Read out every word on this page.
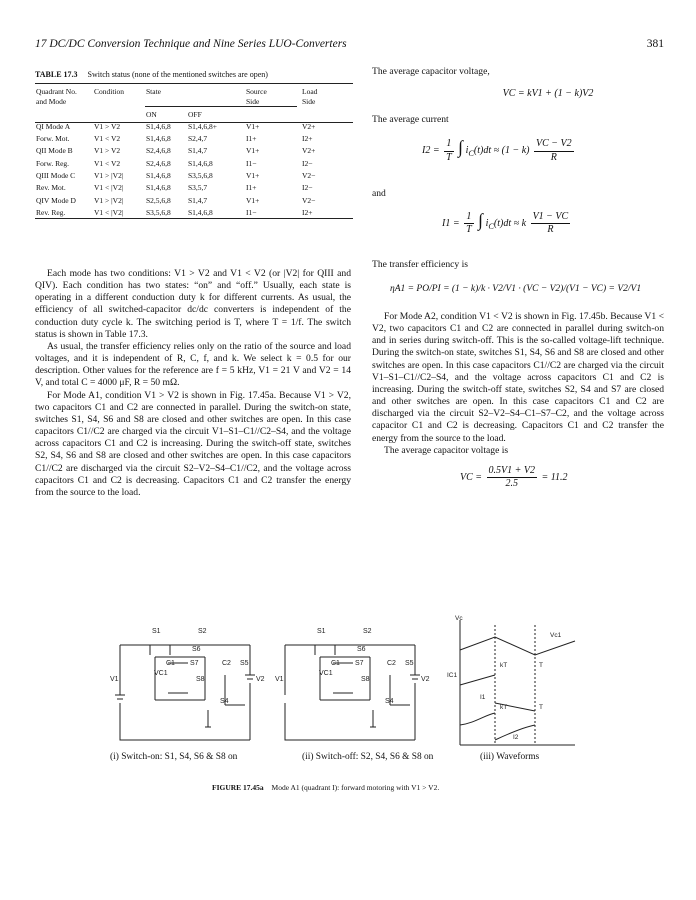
17 DC/DC Conversion Technique and Nine Series LUO-Converters	381
TABLE 17.3 Switch status (none of the mentioned switches are open)
Quadrant No.
and Mode	Condition	State		Source
Side	Load
Side
		ON	OFF		
QI Mode A	V1 > V2	S1,4,6,8	S1,4,6,8+	V1+	V2+
Forw. Mot.	V1 < V2	S1,4,6,8	S2,4,7	I1+	I2+
QII Mode B	V1 > V2	S2,4,6,8	S1,4,7	V1+	V2+
Forw. Reg.	V1 < V2	S2,4,6,8	S1,4,6,8	I1−	I2−
QIII Mode C	V1 > |V2|	S1,4,6,8	S3,5,6,8	V1+	V2−
Rev. Mot.	V1 < |V2|	S1,4,6,8	S3,5,7	I1+	I2−
QIV Mode D	V1 > |V2|	S2,5,6,8	S1,4,7	V1+	V2−
Rev. Reg.	V1 < |V2|	S3,5,6,8	S1,4,6,8	I1−	I2+

Each mode has two conditions: V1 > V2 and V1 < V2 (or |V2| for QIII and QIV). Each condition has two states: “on” and “off.” Usually, each state is operating in a different conduction duty k for different currents. As usual, the efficiency of all switched-capacitor dc/dc converters is independent of the conduction duty cycle k. The switching period is T, where T = 1/f. The switch status is shown in Table 17.3.

As usual, the transfer efficiency relies only on the ratio of the source and load voltages, and it is independent of R, C, f, and k. We select k = 0.5 for our description. Other values for the reference are f = 5 kHz, V1 = 21 V and V2 = 14 V, and total C = 4000 μF, R = 50 mΩ.

For Mode A1, condition V1 > V2 is shown in Fig. 17.45a. Because V1 > V2, two capacitors C1 and C2 are connected in parallel. During the switch-on state, switches S1, S4, S6 and S8 are closed and other switches are open. In this case capacitors C1//C2 are charged via the circuit V1–S1–C1//C2–S4, and the voltage across capacitors C1 and C2 is increasing. During the switch-off state, switches S2, S4, S6 and S8 are closed and other switches are open. In this case capacitors C1//C2 are discharged via the circuit S2–V2–S4–C1//C2, and the voltage across capacitors C1 and C2 is decreasing. Capacitors C1 and C2 transfer the energy from the source to the load.

The average capacitor voltage,

VC = kV1 + (1 − k)V2

The average current

$I2 = \frac{1}{T}$ ∫ $i_C(t)dt \approx (1 - k) \frac{VC - V2}{R}$

and

$I1 = \frac{1}{T}$ ∫ $i_C(t)dt \approx k \frac{V1 - VC}{R}$

The transfer efficiency is

ηA1 = PO/PI = (1 − k)/k · V2/V1 · (VC − V2)/(V1 − VC) = V2/V1

For Mode A2, condition V1 < V2 is shown in Fig. 17.45b. Because V1 < V2, two capacitors C1 and C2 are connected in parallel during switch-on and in series during switch-off. This is the so-called voltage-lift technique. During the switch-on state, switches S1, S4, S6 and S8 are closed and other switches are open. In this case capacitors C1//C2 are charged via the circuit V1–S1–C1//C2–S4, and the voltage across capacitors C1 and C2 is increasing. During the switch-off state, switches S2, S4 and S7 are closed and other switches are open. In this case capacitors C1 and C2 are discharged via the circuit S2–V2–S4–C1–S7–C2, and the voltage across capacitor C1 and C2 is decreasing. Capacitors C1 and C2 transfer the energy from the source to the load.

The average capacitor voltage is

VC = $\frac{0.5V1 + V2}{2.5} = 11.2$
S1	S2
S6
C1 S7	C2 S5
V1
VC1
S8	V2
S4
S1	S2
S6
C1 S7	C2 S5
V1
VC1
S8	V2
S4
Vc
Vc1
IC1
kT	T
I1
kT	T
I2
(i) Switch-on: S1, S4, S6 & S8 on	(ii) Switch-off: S2, S4, S6 & S8 on	(iii) Waveforms
FIGURE 17.45a Mode A1 (quadrant I): forward motoring with V1 > V2.
